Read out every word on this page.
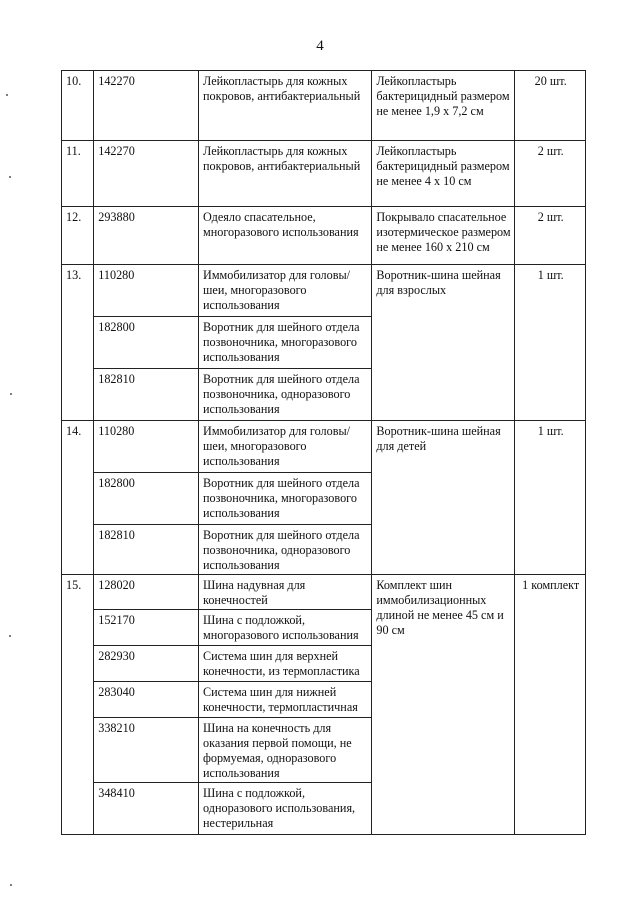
4
10.	142270	Лейкопластырь для кожных покровов, антибактериальный	Лейкопластырь бактерицидный размером не менее 1,9 х 7,2 см	20 шт.
11.	142270	Лейкопластырь для кожных покровов, антибактериальный	Лейкопластырь бактерицидный размером не менее 4 х 10 см	2 шт.
12.	293880	Одеяло спасательное, многоразового использования	Покрывало спасательное изотермическое размером не менее 160 х 210 см	2 шт.
13.	110280	Иммобилизатор для головы/шеи, многоразового использования	Воротник-шина шейная для взрослых	1 шт.
	182800	Воротник для шейного отдела позвоночника, многоразового использования		
	182810	Воротник для шейного отдела позвоночника, одноразового использования		
14.	110280	Иммобилизатор для головы/шеи, многоразового использования	Воротник-шина шейная для детей	1 шт.
	182800	Воротник для шейного отдела позвоночника, многоразового использования		
	182810	Воротник для шейного отдела позвоночника, одноразового использования		
15.	128020	Шина надувная для конечностей	Комплект шин иммобилизационных длиной не менее 45 см и 90 см	1 комплект
	152170	Шина с подложкой, многоразового использования		
	282930	Система шин для верхней конечности, из термопластика		
	283040	Система шин для нижней конечности, термопластичная		
	338210	Шина на конечность для оказания первой помощи, не формуемая, одноразового использования		
	348410	Шина с подложкой, одноразового использования, нестерильная		
